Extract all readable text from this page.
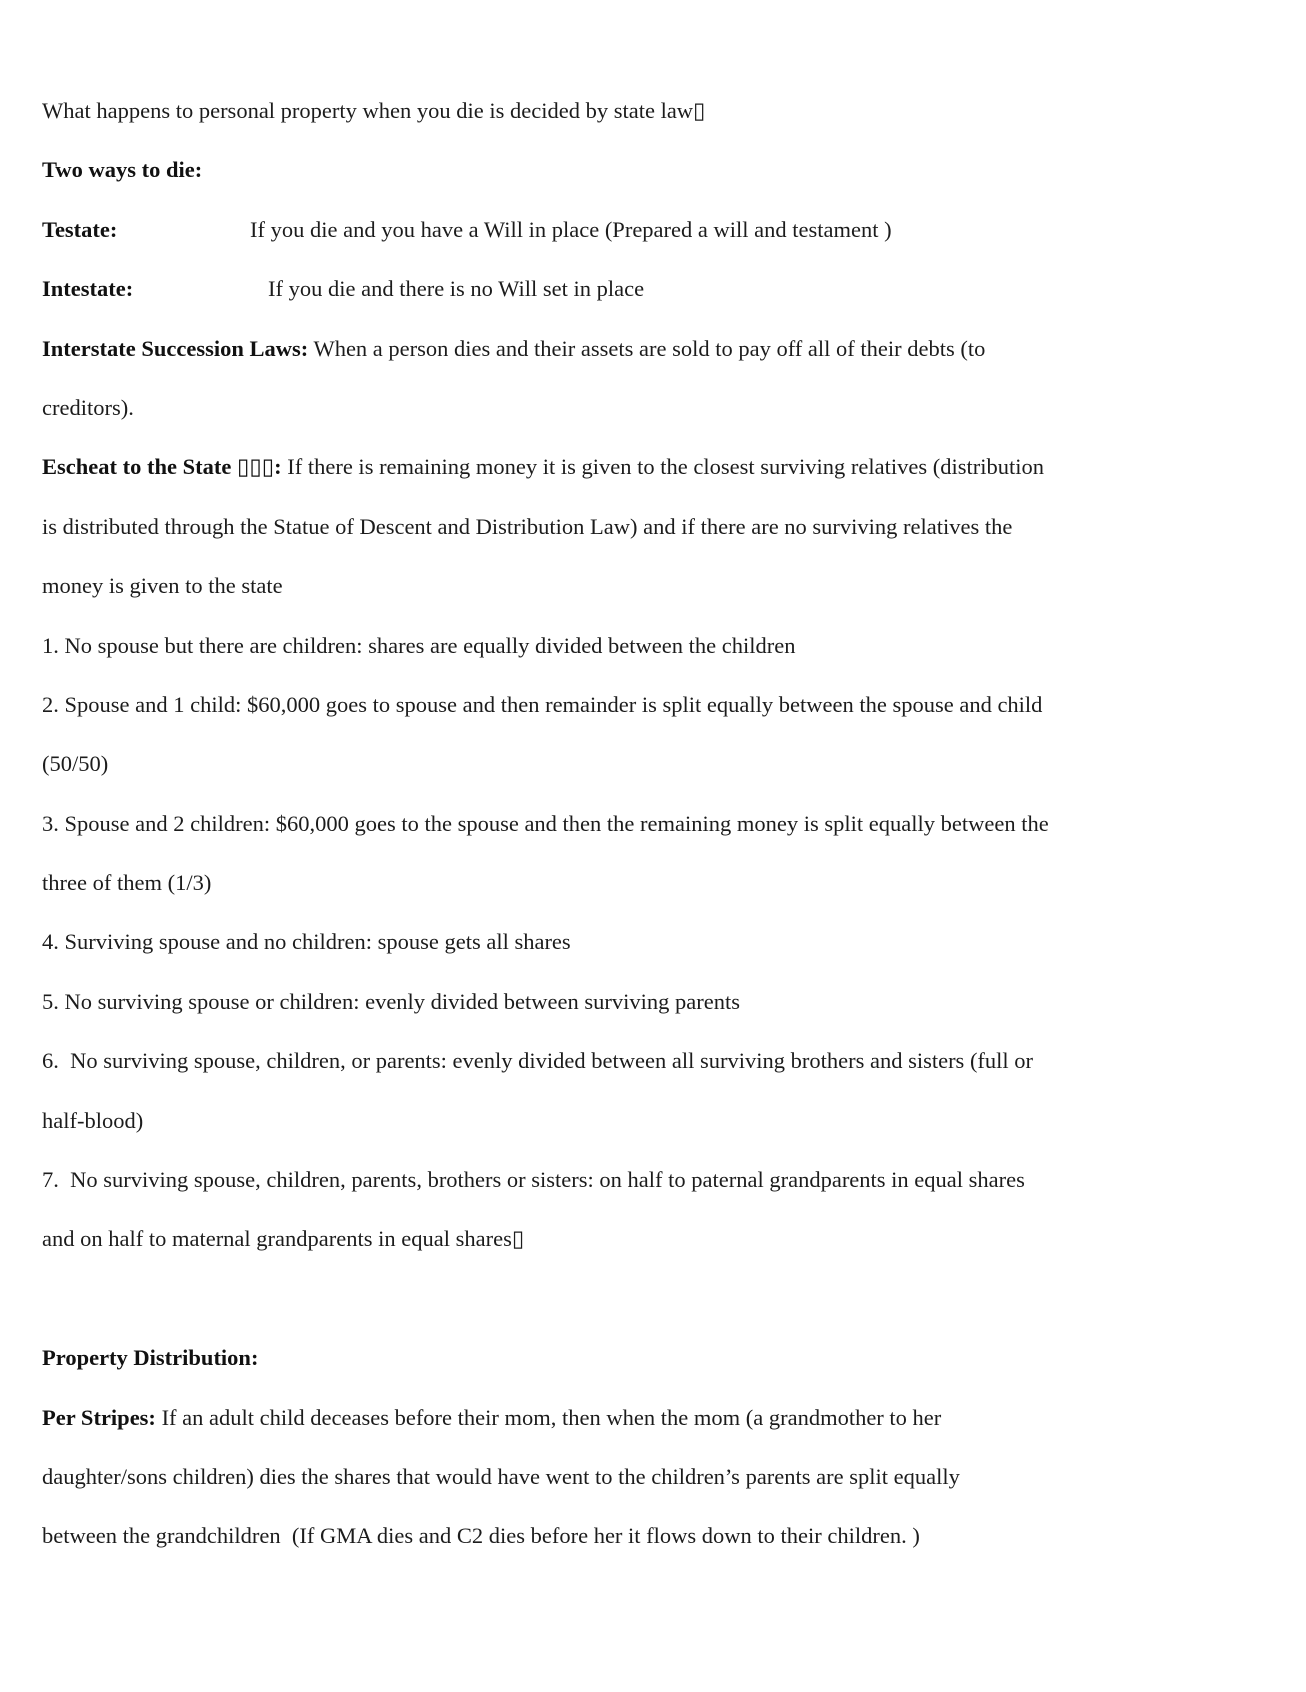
What happens to personal property when you die is decided by state law▯
Two ways to die:
Testate:	If you die and you have a Will in place (Prepared a will and testament )
Intestate:	If you die and there is no Will set in place
Interstate Succession Laws: When a person dies and their assets are sold to pay off all of their debts (to
creditors).
Escheat to the State ▯▯▯: If there is remaining money it is given to the closest surviving relatives (distribution
is distributed through the Statue of Descent and Distribution Law) and if there are no surviving relatives the
money is given to the state
1. No spouse but there are children: shares are equally divided between the children
2. Spouse and 1 child: $60,000 goes to spouse and then remainder is split equally between the spouse and child
(50/50)
3. Spouse and 2 children: $60,000 goes to the spouse and then the remaining money is split equally between the
three of them (1/3)
4. Surviving spouse and no children: spouse gets all shares
5. No surviving spouse or children: evenly divided between surviving parents
6.  No surviving spouse, children, or parents: evenly divided between all surviving brothers and sisters (full or
half-blood)
7.  No surviving spouse, children, parents, brothers or sisters: on half to paternal grandparents in equal shares
and on half to maternal grandparents in equal shares▯
Property Distribution:
Per Stripes: If an adult child deceases before their mom, then when the mom (a grandmother to her
daughter/sons children) dies the shares that would have went to the children’s parents are split equally
between the grandchildren  (If GMA dies and C2 dies before her it flows down to their children. )
